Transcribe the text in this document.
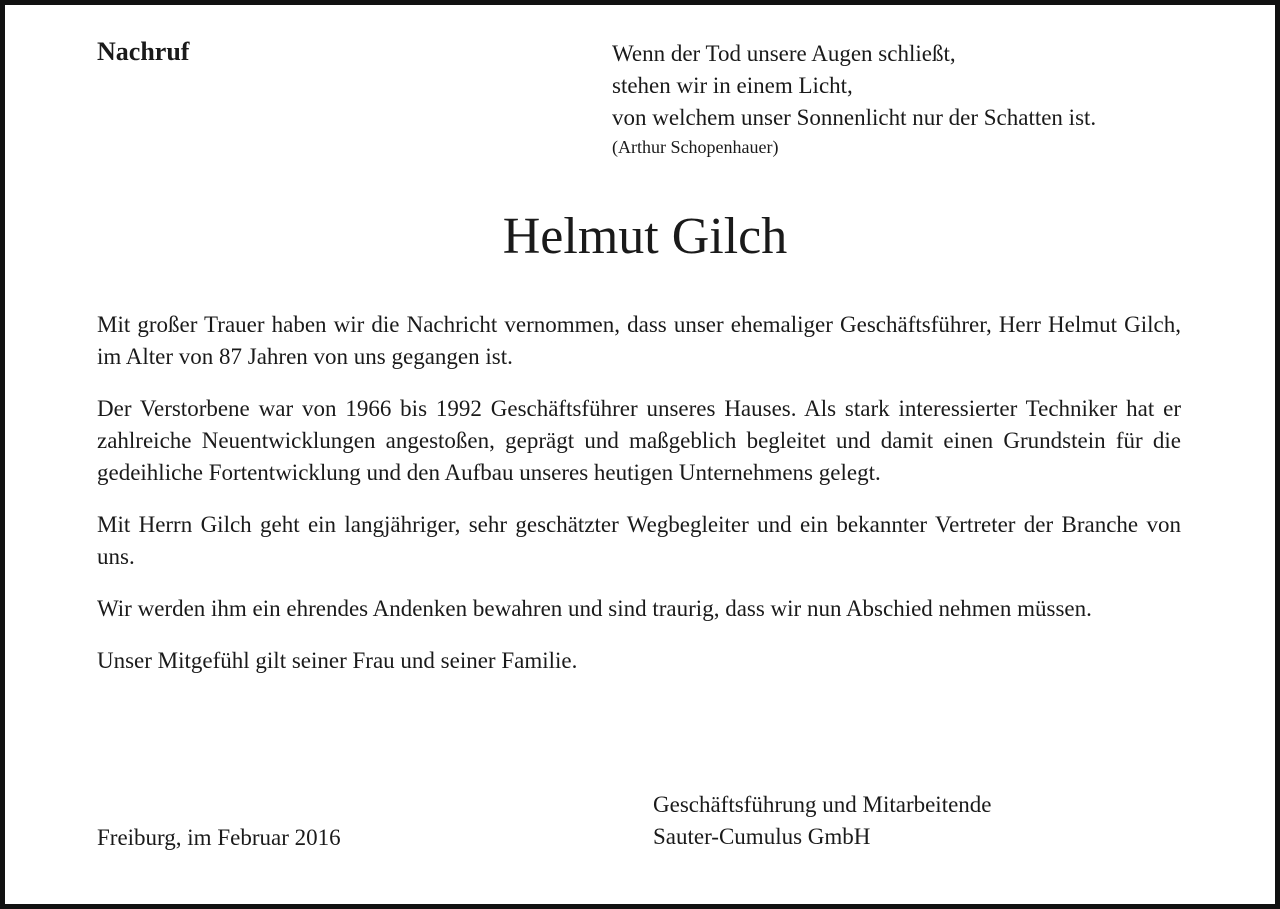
Nachruf	Wenn der Tod unsere Augen schließt,
stehen wir in einem Licht,
von welchem unser Sonnenlicht nur der Schatten ist.
(Arthur Schopenhauer)
Helmut Gilch

Mit großer Trauer haben wir die Nachricht vernommen, dass unser ehemaliger Geschäftsführer, Herr Helmut Gilch, im Alter von 87 Jahren von uns gegangen ist.

Der Verstorbene war von 1966 bis 1992 Geschäftsführer unseres Hauses. Als stark interessierter Techniker hat er zahlreiche Neuentwicklungen angestoßen, geprägt und maßgeblich begleitet und damit einen Grundstein für die gedeihliche Fortentwicklung und den Aufbau unseres heutigen Unternehmens gelegt.

Mit Herrn Gilch geht ein langjähriger, sehr geschätzter Wegbegleiter und ein bekannter Vertreter der Branche von uns.

Wir werden ihm ein ehrendes Andenken bewahren und sind traurig, dass wir nun Abschied nehmen müssen.

Unser Mitgefühl gilt seiner Frau und seiner Familie.

Freiburg, im Februar 2016
Geschäftsführung und Mitarbeitende
Sauter-Cumulus GmbH
